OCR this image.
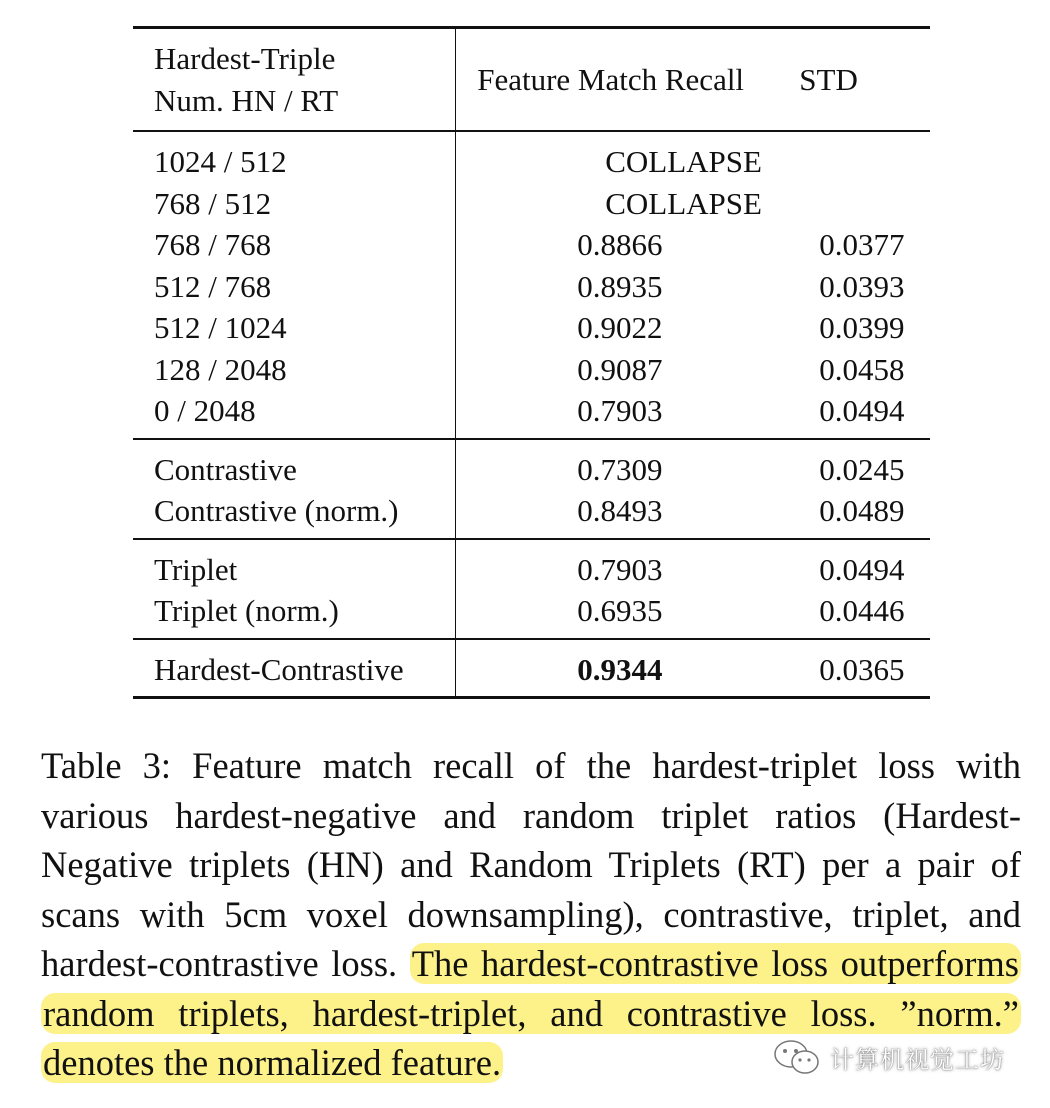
Hardest-Triple
Num. HN / RT	Feature Match Recall	STD

1024 / 512	COLLAPSE	
768 / 512	COLLAPSE	
768 / 768	0.8866	0.0377
512 / 768	0.8935	0.0393
512 / 1024	0.9022	0.0399
128 / 2048	0.9087	0.0458
0 / 2048	0.7903	0.0494

Contrastive	0.7309	0.0245
Contrastive (norm.)	0.8493	0.0489

Triplet	0.7903	0.0494
Triplet (norm.)	0.6935	0.0446

Hardest-Contrastive	0.9344	0.0365

Table 3: Feature match recall of the hardest-triplet loss with various hardest-negative and random triplet ratios (Hardest-Negative triplets (HN) and Random Triplets (RT) per a pair of scans with 5cm voxel downsampling), contrastive, triplet, and hardest-contrastive loss. The hardest-contrastive loss outperforms random triplets, hardest-triplet, and contrastive loss. ”norm.” denotes the normalized feature.	计算机视觉工坊
